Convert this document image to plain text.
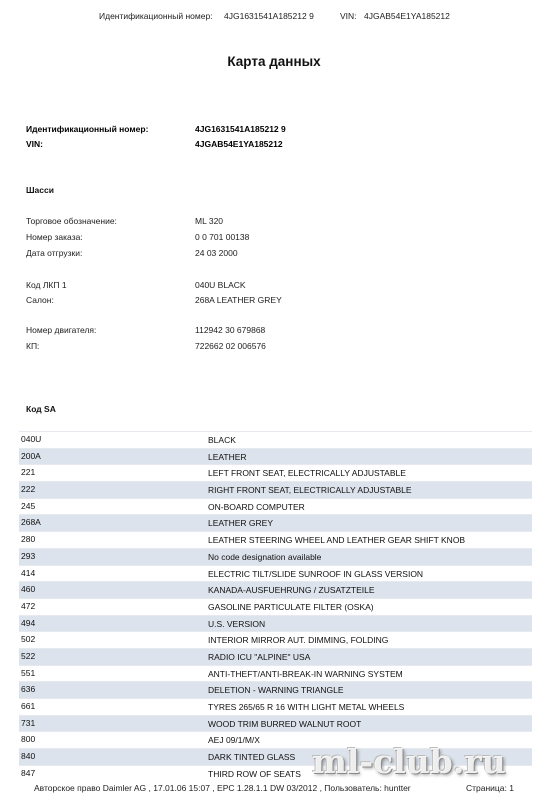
Идентификационный номер: 4JG1631541A185212 9	VIN: 4JGAB54E1YA185212
Карта данных
Идентификационный номер:	4JG1631541A185212 9
VIN:	4JGAB54E1YA185212
Шасси
Торговое обозначение:	ML 320
Номер заказа:	0 0 701 00138
Дата отгрузки:	24 03 2000
Код ЛКП 1	040U BLACK
Салон:	268A LEATHER GREY
Номер двигателя:	112942 30 679868
КП:	722662 02 006576
Код SA
040U	BLACK
200A	LEATHER
221	LEFT FRONT SEAT, ELECTRICALLY ADJUSTABLE
222	RIGHT FRONT SEAT, ELECTRICALLY ADJUSTABLE
245	ON-BOARD COMPUTER
268A	LEATHER GREY
280	LEATHER STEERING WHEEL AND LEATHER GEAR SHIFT KNOB
293	No code designation available
414	ELECTRIC TILT/SLIDE SUNROOF IN GLASS VERSION
460	KANADA-AUSFUEHRUNG / ZUSATZTEILE
472	GASOLINE PARTICULATE FILTER (OSKA)
494	U.S. VERSION
502	INTERIOR MIRROR AUT. DIMMING, FOLDING
522	RADIO ICU "ALPINE" USA
551	ANTI-THEFT/ANTI-BREAK-IN WARNING SYSTEM
636	DELETION - WARNING TRIANGLE
661	TYRES 265/65 R 16 WITH LIGHT METAL WHEELS
731	WOOD TRIM BURRED WALNUT ROOT
800	AEJ 09/1/M/X
840	DARK TINTED GLASS
847	THIRD ROW OF SEATS
Авторское право Daimler AG , 17.01.06 15:07 , EPC 1.28.1.1 DW 03/2012 , Пользователь: huntter	Страница: 1
ml-club.ru
